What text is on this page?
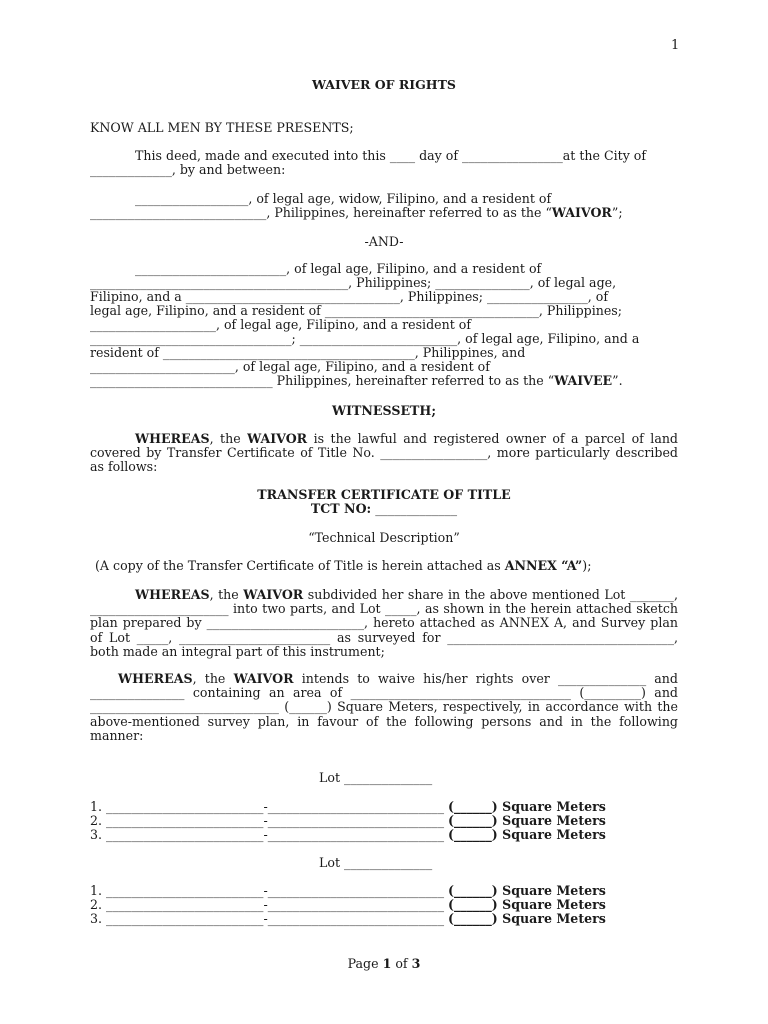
1
WAIVER OF RIGHTS
KNOW ALL MEN BY THESE PRESENTS;
This deed, made and executed into this ____ day of ________________at the City of
_____________, by and between:
__________________, of legal age, widow, Filipino, and a resident of
____________________________, Philippines, hereinafter referred to as the “WAIVOR”;
-AND-
________________________, of legal age, Filipino, and a resident of
_________________________________________, Philippines; _______________, of legal age,
Filipino, and a __________________________________, Philippines; ________________, of
legal age, Filipino, and a resident of __________________________________, Philippines;
____________________, of legal age, Filipino, and a resident of
________________________________; _________________________, of legal age, Filipino, and a
resident of ________________________________________, Philippines, and
_______________________, of legal age, Filipino, and a resident of
_____________________________ Philippines, hereinafter referred to as the “WAIVEE”.
WITNESSETH;
WHEREAS, the WAIVOR is the lawful and registered owner of a parcel of land covered by Transfer Certificate of Title No. _________________, more particularly described as follows:
TRANSFER CERTIFICATE OF TITLE
TCT NO: _____________
“Technical Description”
(A copy of the Transfer Certificate of Title is herein attached as ANNEX “A”);
WHEREAS, the WAIVOR subdivided her share in the above mentioned Lot _______, ______________________ into two parts, and Lot _____, as shown in the herein attached sketch plan prepared by _________________________, hereto attached as ANNEX A, and Survey plan of Lot _____, ________________________ as surveyed for ____________________________________, both made an integral part of this instrument;
WHEREAS, the WAIVOR intends to waive his/her rights over ______________ and _______________ containing an area of ___________________________________ (_________) and ______________________________ (______) Square Meters, respectively, in accordance with the above-mentioned survey plan, in favour of the following persons and in the following manner:
Lot ______________
1. _________________________-____________________________ (______) Square Meters
2. _________________________-____________________________ (______) Square Meters
3. _________________________-____________________________ (______) Square Meters
Lot ______________
1. _________________________-____________________________ (______) Square Meters
2. _________________________-____________________________ (______) Square Meters
3. _________________________-____________________________ (______) Square Meters
Page 1 of 3
